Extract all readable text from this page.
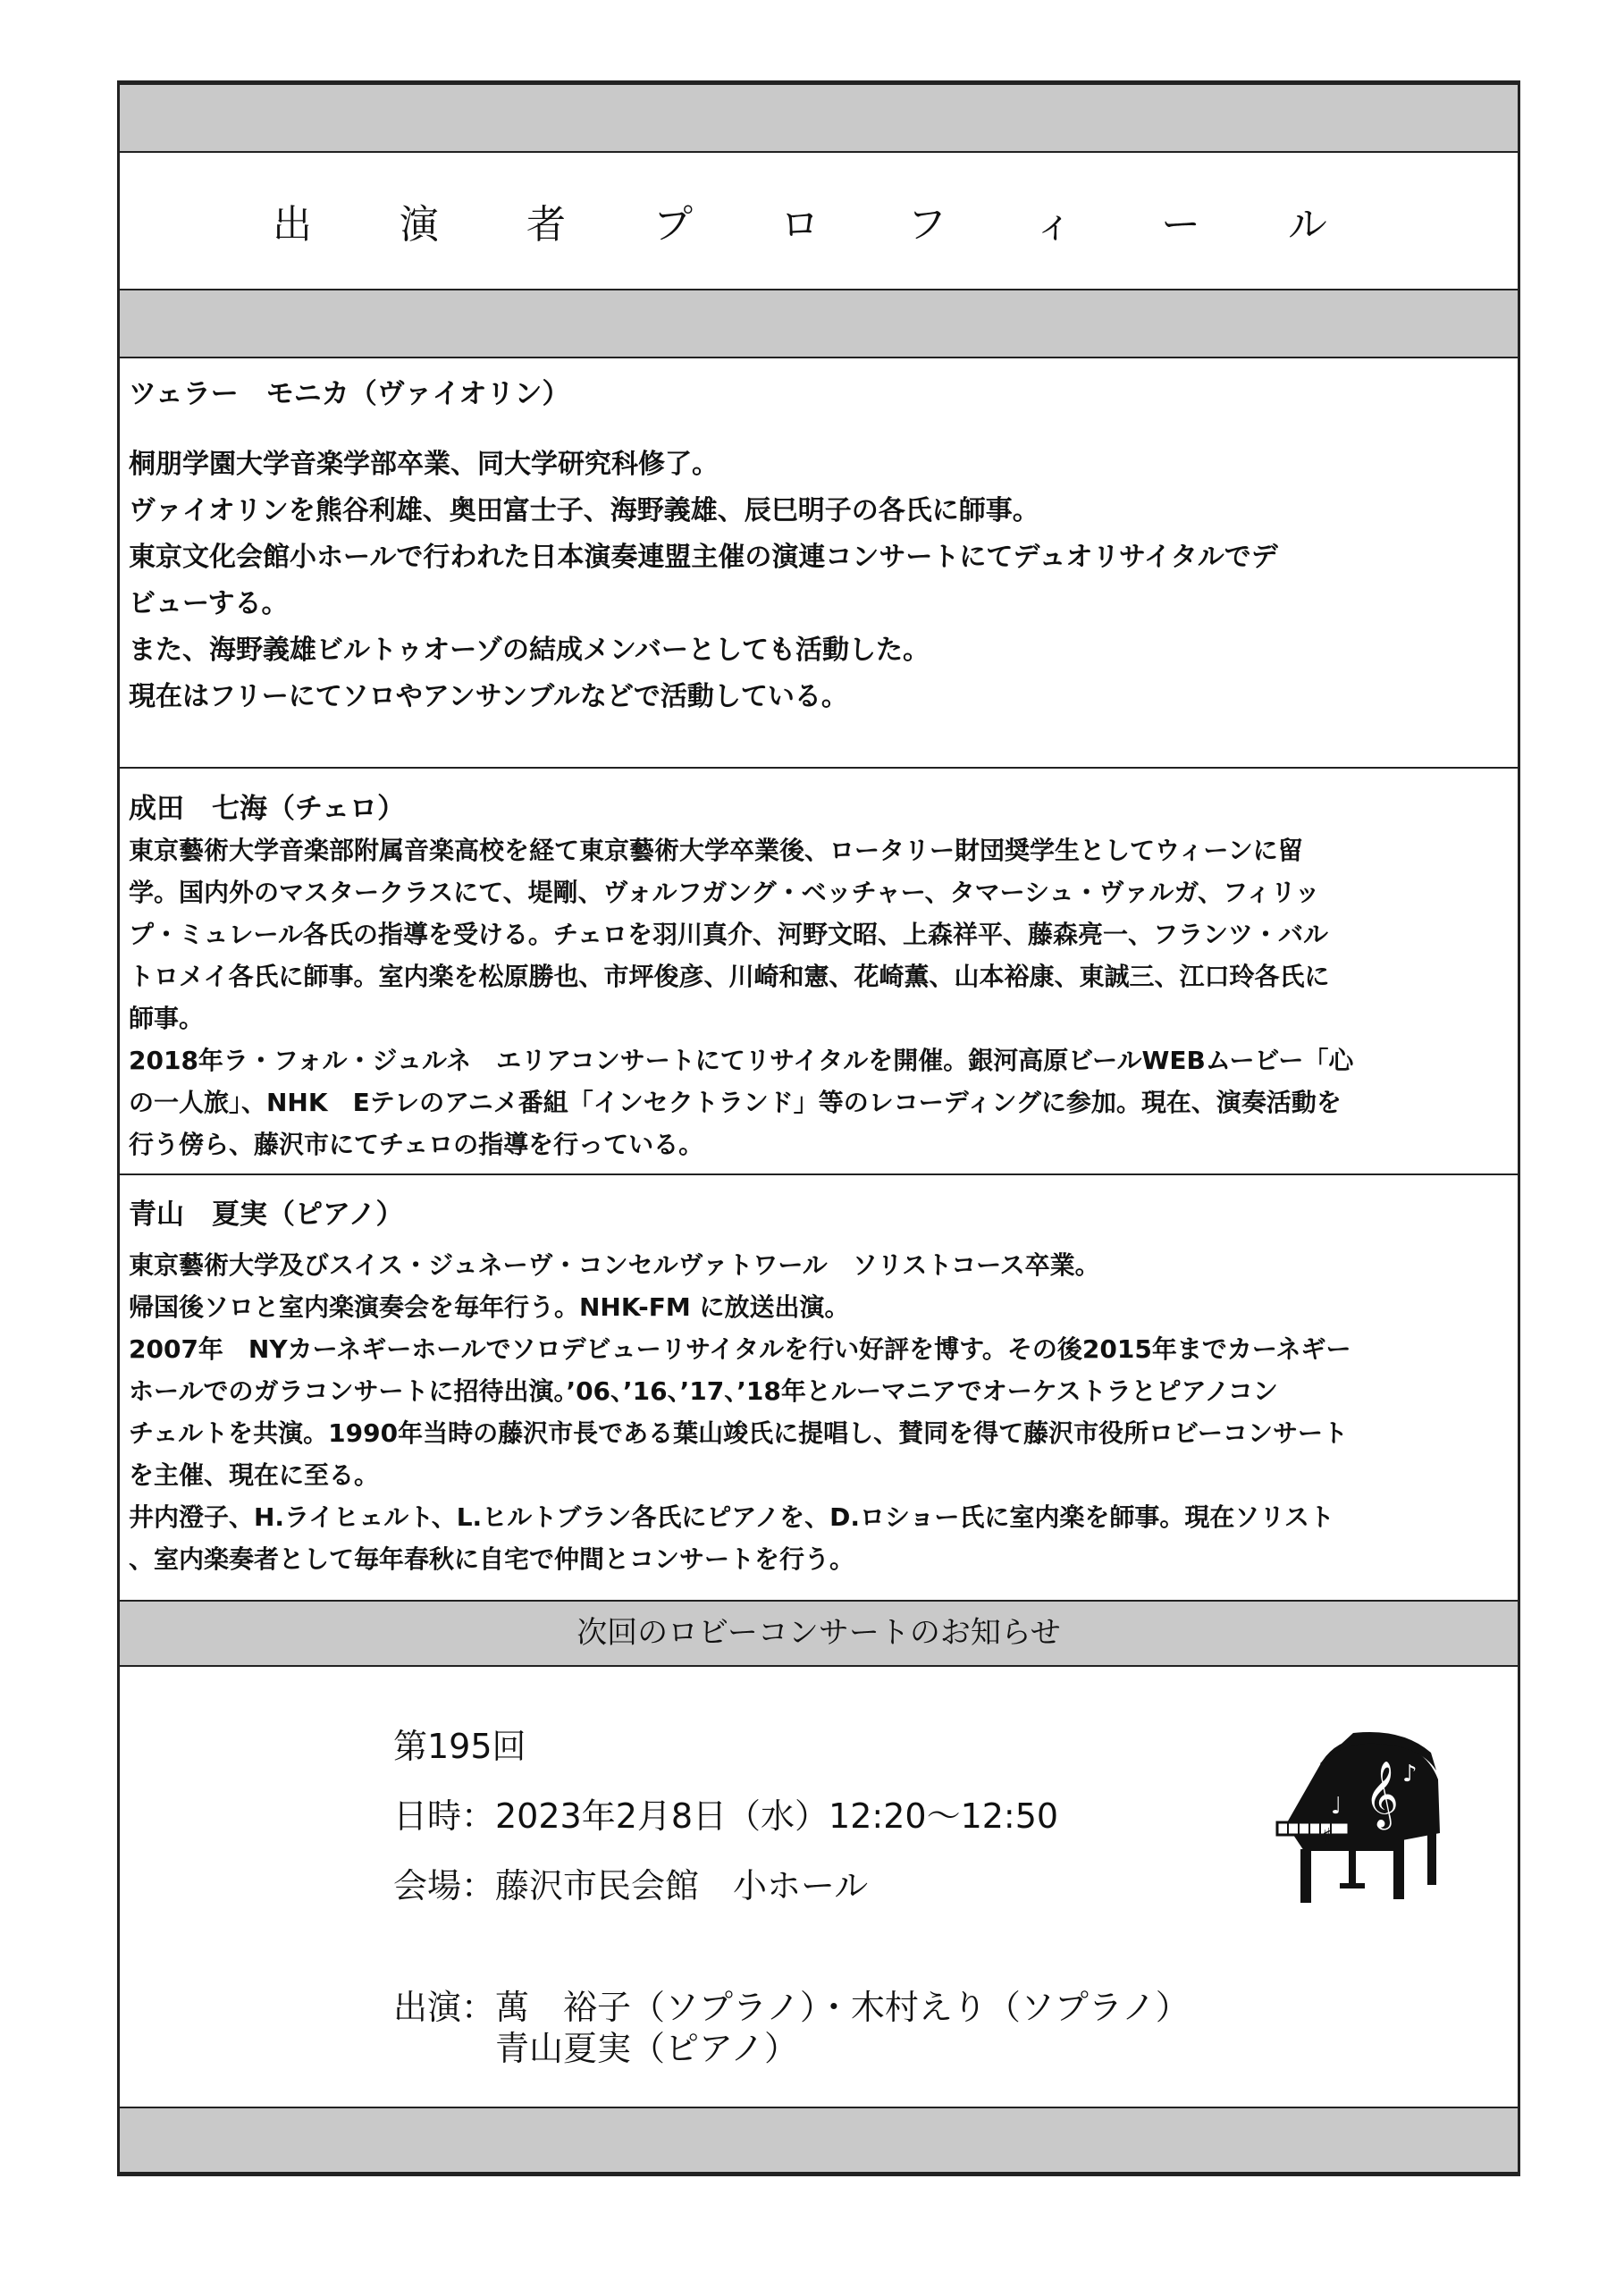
出 演 者 プ ロ フ ィ ー ル
ツェラー　モニカ（ヴァイオリン）

桐朋学園大学音楽学部卒業、同大学研究科修了。

ヴァイオリンを熊谷利雄、奥田富士子、海野義雄、辰巳明子の各氏に師事。

東京文化会館小ホールで行われた日本演奏連盟主催の演連コンサートにてデュオリサイタルでデ

ビューする。

また、海野義雄ビルトゥオーゾの結成メンバーとしても活動した。

現在はフリーにてソロやアンサンブルなどで活動している。

成田　七海（チェロ）

東京藝術大学音楽部附属音楽高校を経て東京藝術大学卒業後、ロータリー財団奨学生としてウィーンに留

学。国内外のマスタークラスにて、堤剛、ヴォルフガング・ベッチャー、タマーシュ・ヴァルガ、フィリッ

プ・ミュレール各氏の指導を受ける。チェロを羽川真介、河野文昭、上森祥平、藤森亮一、フランツ・バル

トロメイ各氏に師事。室内楽を松原勝也、市坪俊彦、川崎和憲、花崎薫、山本裕康、東誠三、江口玲各氏に

師事。

2018年ラ・フォル・ジュルネ　エリアコンサートにてリサイタルを開催。銀河高原ビールWEBムービー「心

の一人旅」、NHK　Eテレのアニメ番組「インセクトランド」等のレコーディングに参加。現在、演奏活動を

行う傍ら、藤沢市にてチェロの指導を行っている。

青山　夏実（ピアノ）

東京藝術大学及びスイス・ジュネーヴ・コンセルヴァトワール　ソリストコース卒業。

帰国後ソロと室内楽演奏会を毎年行う。NHK-FM に放送出演。

2007年　NYカーネギーホールでソロデビューリサイタルを行い好評を博す。その後2015年までカーネギー

ホールでのガラコンサートに招待出演。’06、’16、’17、’18年とルーマニアでオーケストラとピアノコン

チェルトを共演。1990年当時の藤沢市長である葉山竣氏に提唱し、賛同を得て藤沢市役所ロビーコンサート

を主催、現在に至る。

井内澄子、H.ライヒェルト、L.ヒルトブラン各氏にピアノを、D.ロショー氏に室内楽を師事。現在ソリスト

、室内楽奏者として毎年春秋に自宅で仲間とコンサートを行う。

次回のロビーコンサートのお知らせ
第195回
日時：2023年2月8日（水）12:20～12:50
会場：藤沢市民会館　小ホール
出演：萬　裕子（ソプラノ）・木村えり（ソプラノ）
青山夏実（ピアノ）
𝄞 ♪
♩
♯
